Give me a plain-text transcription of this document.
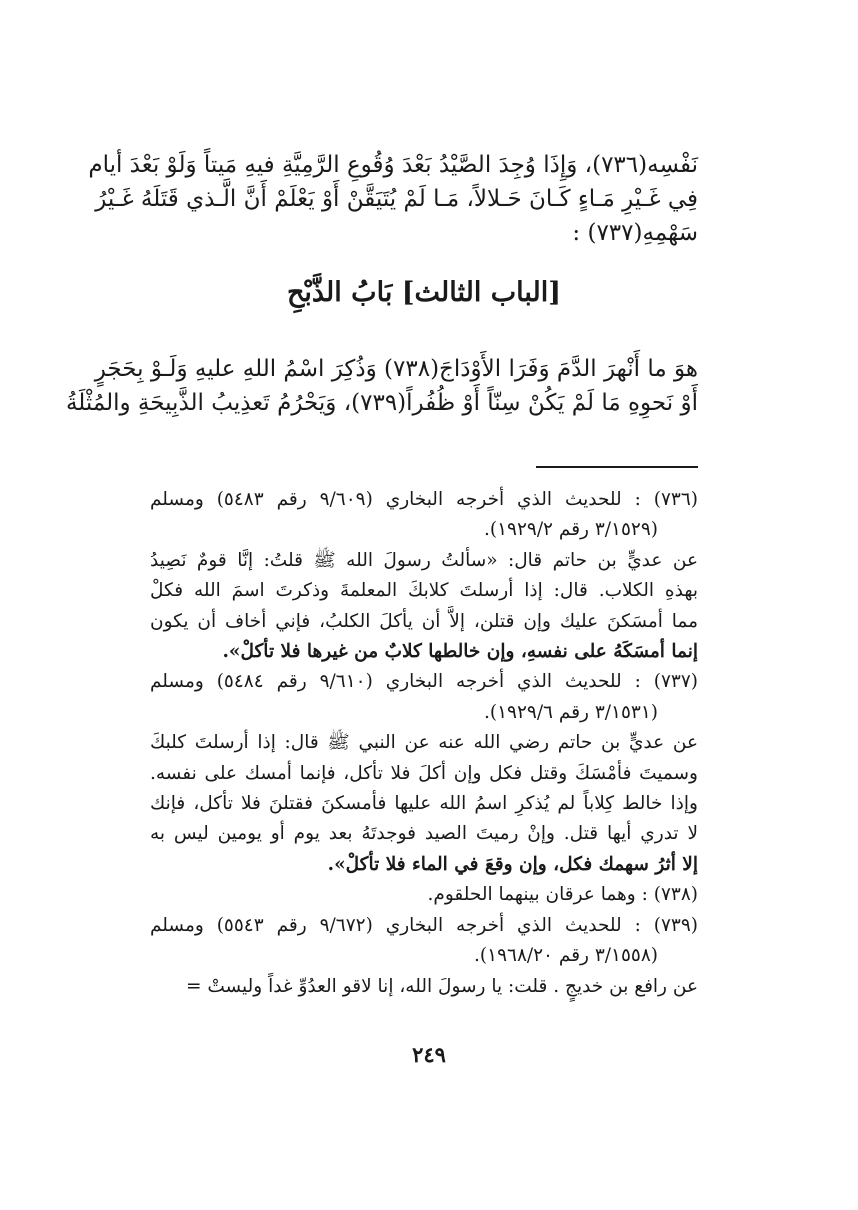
نَفْسِه(٧٣٦)، وَإِذَا وُجِدَ الصَّيْدُ بَعْدَ وُقُوعِ الرَّمِيَّةِ فيهِ مَيتاً وَلَوْ بَعْدَ أيام
فِي غَـيْرِ مَـاءٍ كَـانَ حَـلالاً، مَـا لَمْ يُتَيَقَّنْ أَوْ يَعْلَمْ أَنَّ الَّـذي قَتَلَهُ غَـيْرُ
سَهْمِهِ(٧٣٧) :
[الباب الثالث] بَابُ الذَّبْحِ
هوَ ما أَنْهرَ الدَّمَ وَفَرَا الأَوْدَاجَ(٧٣٨) وَذُكِرَ اسْمُ اللهِ عليهِ وَلَـوْ بِحَجَرٍ
أَوْ نَحوِهِ مَا لَمْ يَكُنْ سِنّاً أَوْ ظُفُراً(٧٣٩)، وَيَحْرُمُ تَعذِيبُ الذَّبِيحَةِ والمُثْلَةُ
(٧٣٦) : للحديث الذي أخرجه البخاري (٩/٦٠٩ رقم ٥٤٨٣) ومسلم
(٣/١٥٢٩ رقم ١٩٢٩/٢).
عن عديٍّ بن حاتم قال: «سألتُ رسولَ الله ﷺ قلتُ: إنَّا قومٌ نَصِيدُ
بهذهِ الكلاب. قال: إذا أرسلتَ كلابكَ المعلمةَ وذكرتَ اسمَ الله فكلْ
مما أمسَكنَ عليك وإن قتلن، إلاَّ أن يأكلَ الكلبُ، فإني أخاف أن يكون
إنما أمسَكَهُ على نفسهِ، وإن خالطها كلابٌ من غيرها فلا تأكلْ».
(٧٣٧) : للحديث الذي أخرجه البخاري (٩/٦١٠ رقم ٥٤٨٤) ومسلم
(٣/١٥٣١ رقم ١٩٢٩/٦).
عن عديٍّ بن حاتم رضي الله عنه عن النبي ﷺ قال: إذا أرسلتَ كلبكَ
وسميتَ فأمْسَكَ وقتل فكل وإن أكلَ فلا تأكل، فإنما أمسك على نفسه.
وإذا خالط كِلاباً لم يُذكرِ اسمُ الله عليها فأمسكنَ فقتلنَ فلا تأكل، فإنك
لا تدري أيها قتل. وإنْ رميتَ الصيد فوجدتَهُ بعد يوم أو يومين ليس به
إلا أثرُ سهمك فكل، وإن وقعَ في الماء فلا تأكلْ».
(٧٣٨) : وهما عرقان بينهما الحلقوم.
(٧٣٩) : للحديث الذي أخرجه البخاري (٩/٦٧٢ رقم ٥٥٤٣) ومسلم
(٣/١٥٥٨ رقم ١٩٦٨/٢٠).
عن رافع بن خديجٍ . قلت: يا رسولَ الله، إنا لاقو العدُوِّ غداً وليستْ =
٢٤٩
